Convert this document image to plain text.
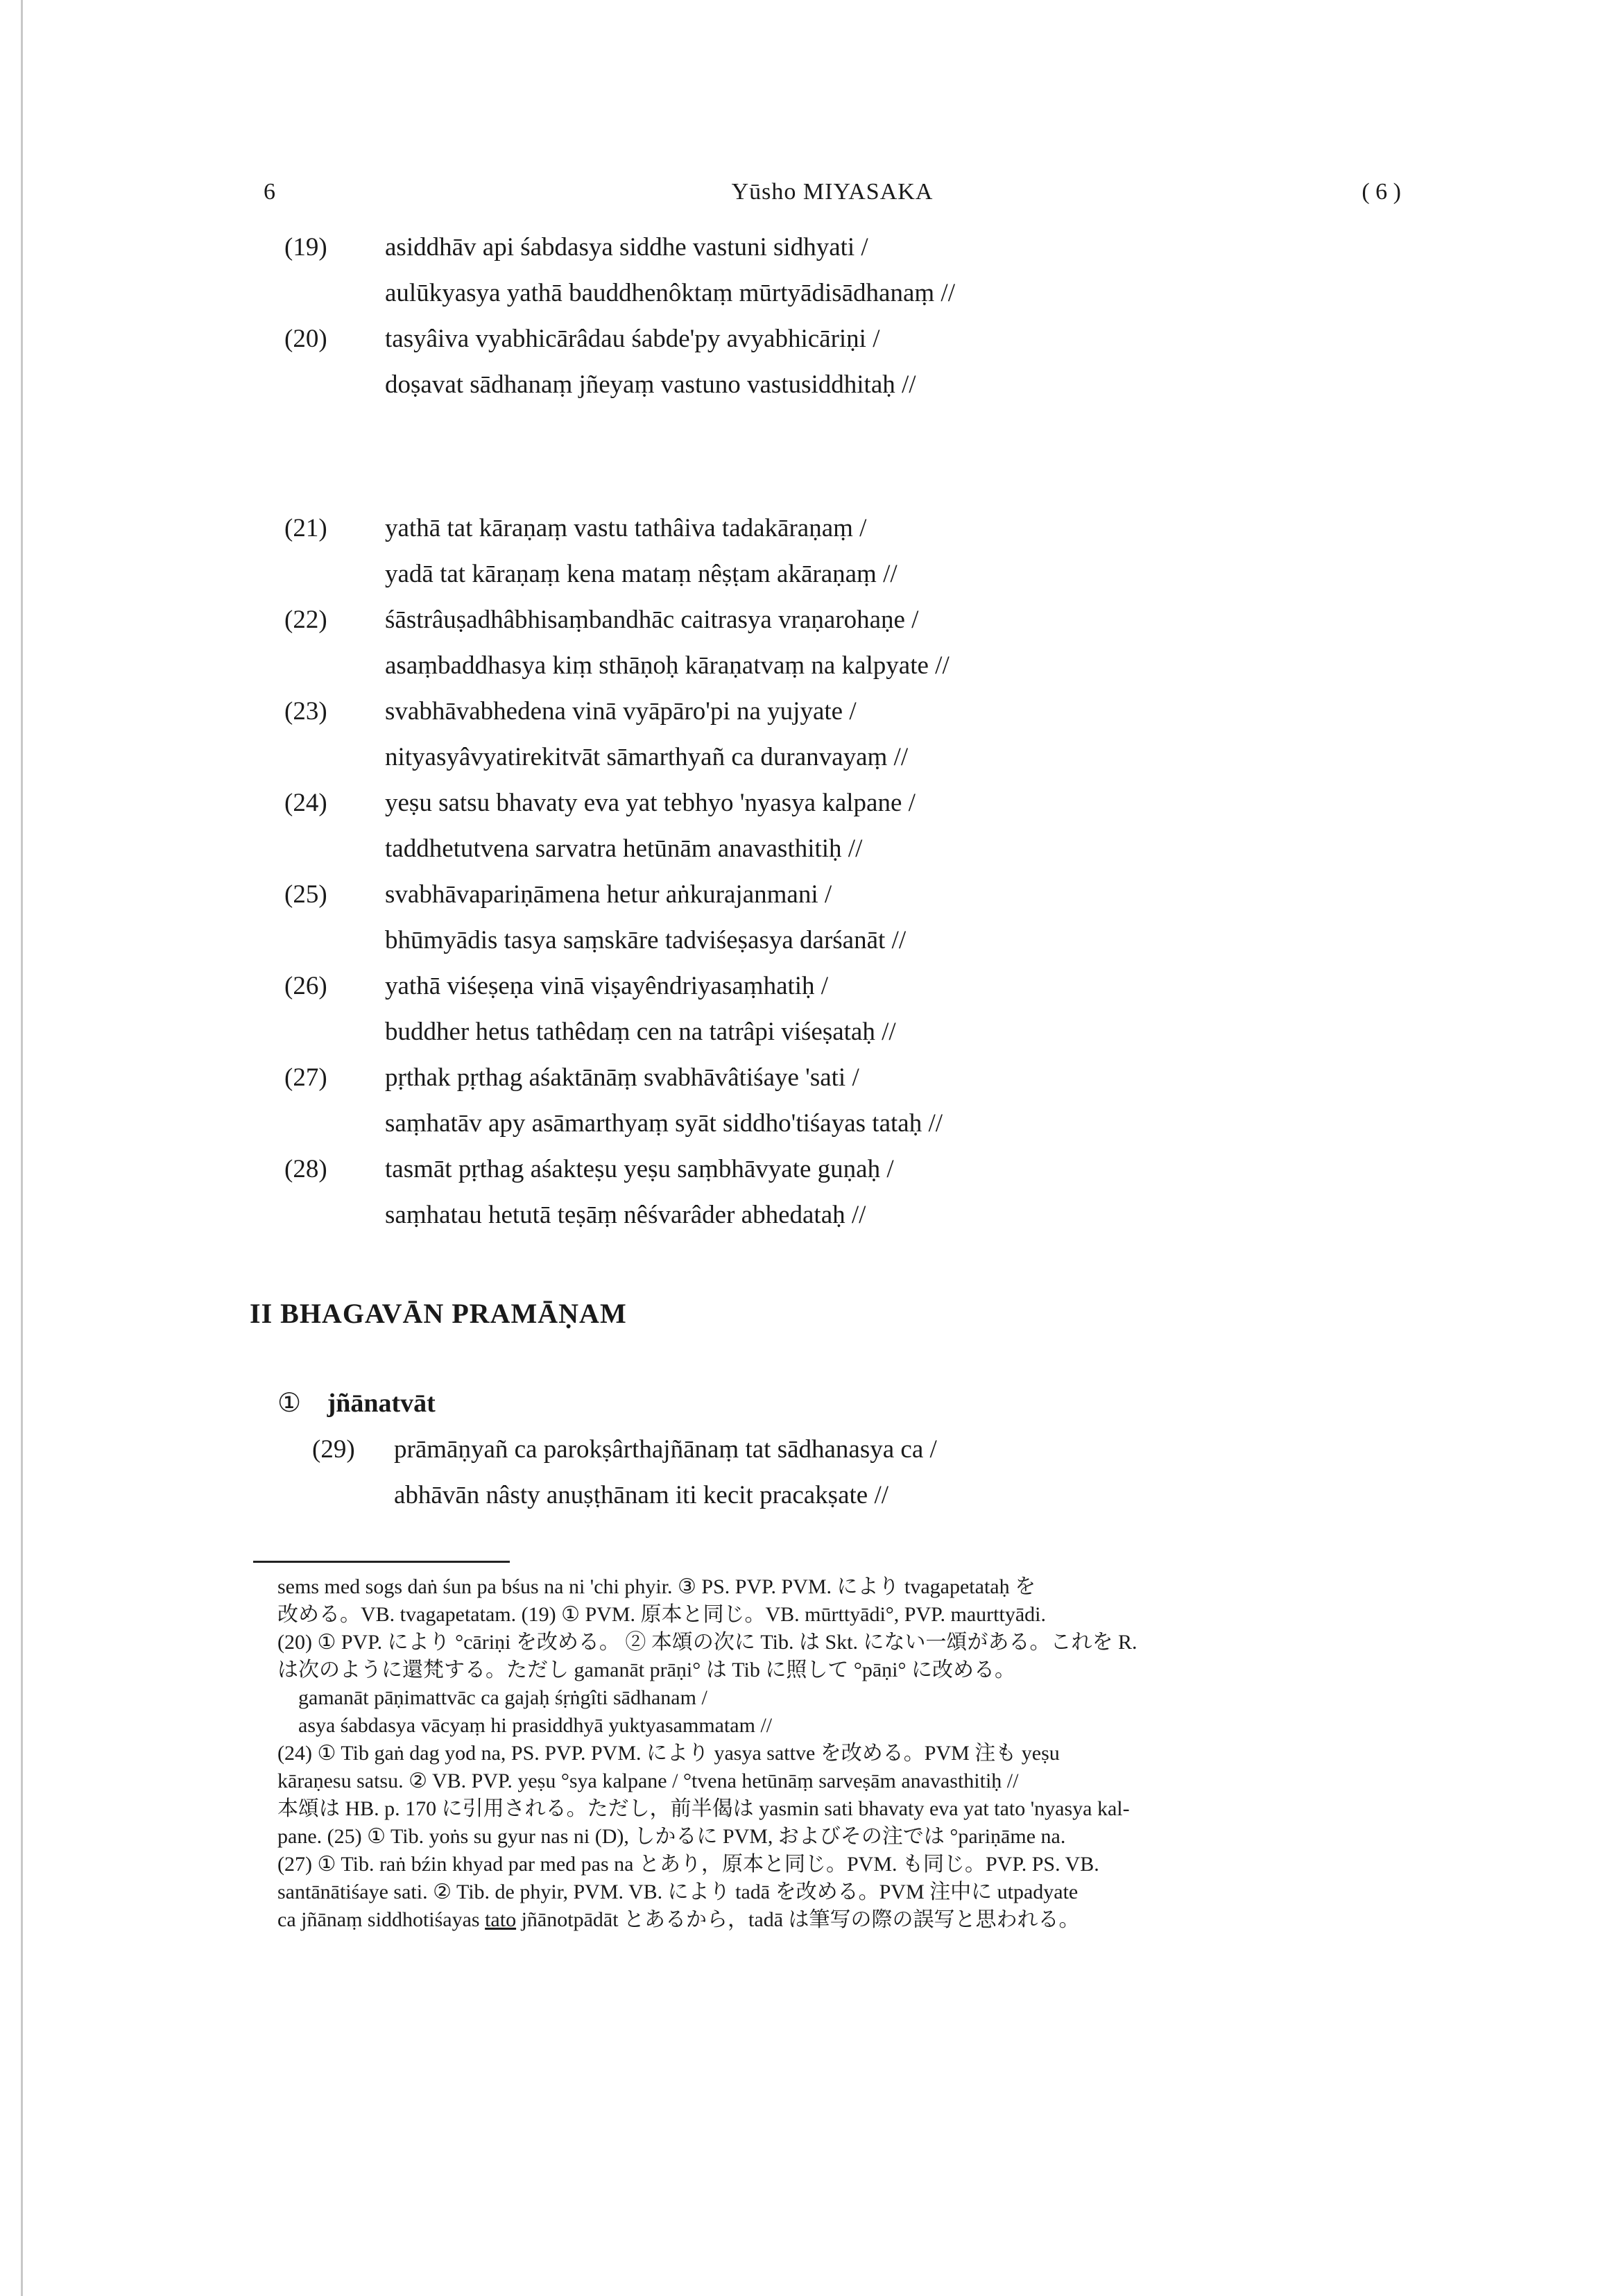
6	Yūsho MIYASAKA	( 6 )
(19)	asiddhāv api śabdasya siddhe vastuni sidhyati /
aulūkyasya yathā bauddhenôktaṃ mūrtyādisādhanaṃ //
(20)	tasyâiva vyabhicārâdau śabde'py avyabhicāriṇi /
doṣavat sādhanaṃ jñeyaṃ vastuno vastusiddhitaḥ //
(21)	yathā tat kāraṇaṃ vastu tathâiva tadakāraṇaṃ /
yadā tat kāraṇaṃ kena mataṃ nêṣṭam akāraṇaṃ //
(22)	śāstrâuṣadhâbhisaṃbandhāc caitrasya vraṇarohaṇe /
asaṃbaddhasya kiṃ sthāṇoḥ kāraṇatvaṃ na kalpyate //
(23)	svabhāvabhedena vinā vyāpāro'pi na yujyate /
nityasyâvyatirekitvāt sāmarthyañ ca duranvayaṃ //
(24)	yeṣu satsu bhavaty eva yat tebhyo 'nyasya kalpane /
taddhetutvena sarvatra hetūnām anavasthitiḥ //
(25)	svabhāvapariṇāmena hetur aṅkurajanmani /
bhūmyādis tasya saṃskāre tadviśeṣasya darśanāt //
(26)	yathā viśeṣeṇa vinā viṣayêndriyasaṃhatiḥ /
buddher hetus tathêdaṃ cen na tatrâpi viśeṣataḥ //
(27)	pṛthak pṛthag aśaktānāṃ svabhāvâtiśaye 'sati /
saṃhatāv apy asāmarthyaṃ syāt siddho'tiśayas tataḥ //
(28)	tasmāt pṛthag aśakteṣu yeṣu saṃbhāvyate guṇaḥ /
saṃhatau hetutā teṣāṃ nêśvarâder abhedataḥ //
II BHAGAVĀN PRAMĀṆAM
① jñānatvāt
(29)	prāmāṇyañ ca parokṣârthajñānaṃ tat sādhanasya ca /
abhāvān nâsty anuṣṭhānam iti kecit pracakṣate //

sems med sogs daṅ śun pa bśus na ni 'chi phyir. ③ PS. PVP. PVM. により tvagapetataḥ を

改める。VB. tvagapetatam. (19) ① PVM. 原本と同じ。VB. mūrttyādi°, PVP. maurttyādi.

(20) ① PVP. により °cāriṇi を改める。 ② 本頌の次に Tib. は Skt. にない一頌がある。これを R.

は次のように還梵する。ただし gamanāt prāṇi° は Tib に照して °pāṇi° に改める。

gamanāt pāṇimattvāc ca gajaḥ śṛṅgîti sādhanam /

asya śabdasya vācyaṃ hi prasiddhyā yuktyasammatam //

(24) ① Tib gaṅ dag yod na, PS. PVP. PVM. により yasya sattve を改める。PVM 注も yeṣu

kāraṇesu satsu. ② VB. PVP. yeṣu °sya kalpane / °tvena hetūnāṃ sarveṣām anavasthitiḥ //

本頌は HB. p. 170 に引用される。ただし，前半偈は yasmin sati bhavaty eva yat tato 'nyasya kal-

pane. (25) ① Tib. yoṅs su gyur nas ni (D), しかるに PVM, およびその注では °pariṇāme na.

(27) ① Tib. raṅ bźin khyad par med pas na とあり，原本と同じ。PVM. も同じ。PVP. PS. VB.

santānātiśaye sati. ② Tib. de phyir, PVM. VB. により tadā を改める。PVM 注中に utpadyate

ca jñānaṃ siddhotiśayas tato jñānotpādāt とあるから，tadā は筆写の際の誤写と思われる。
